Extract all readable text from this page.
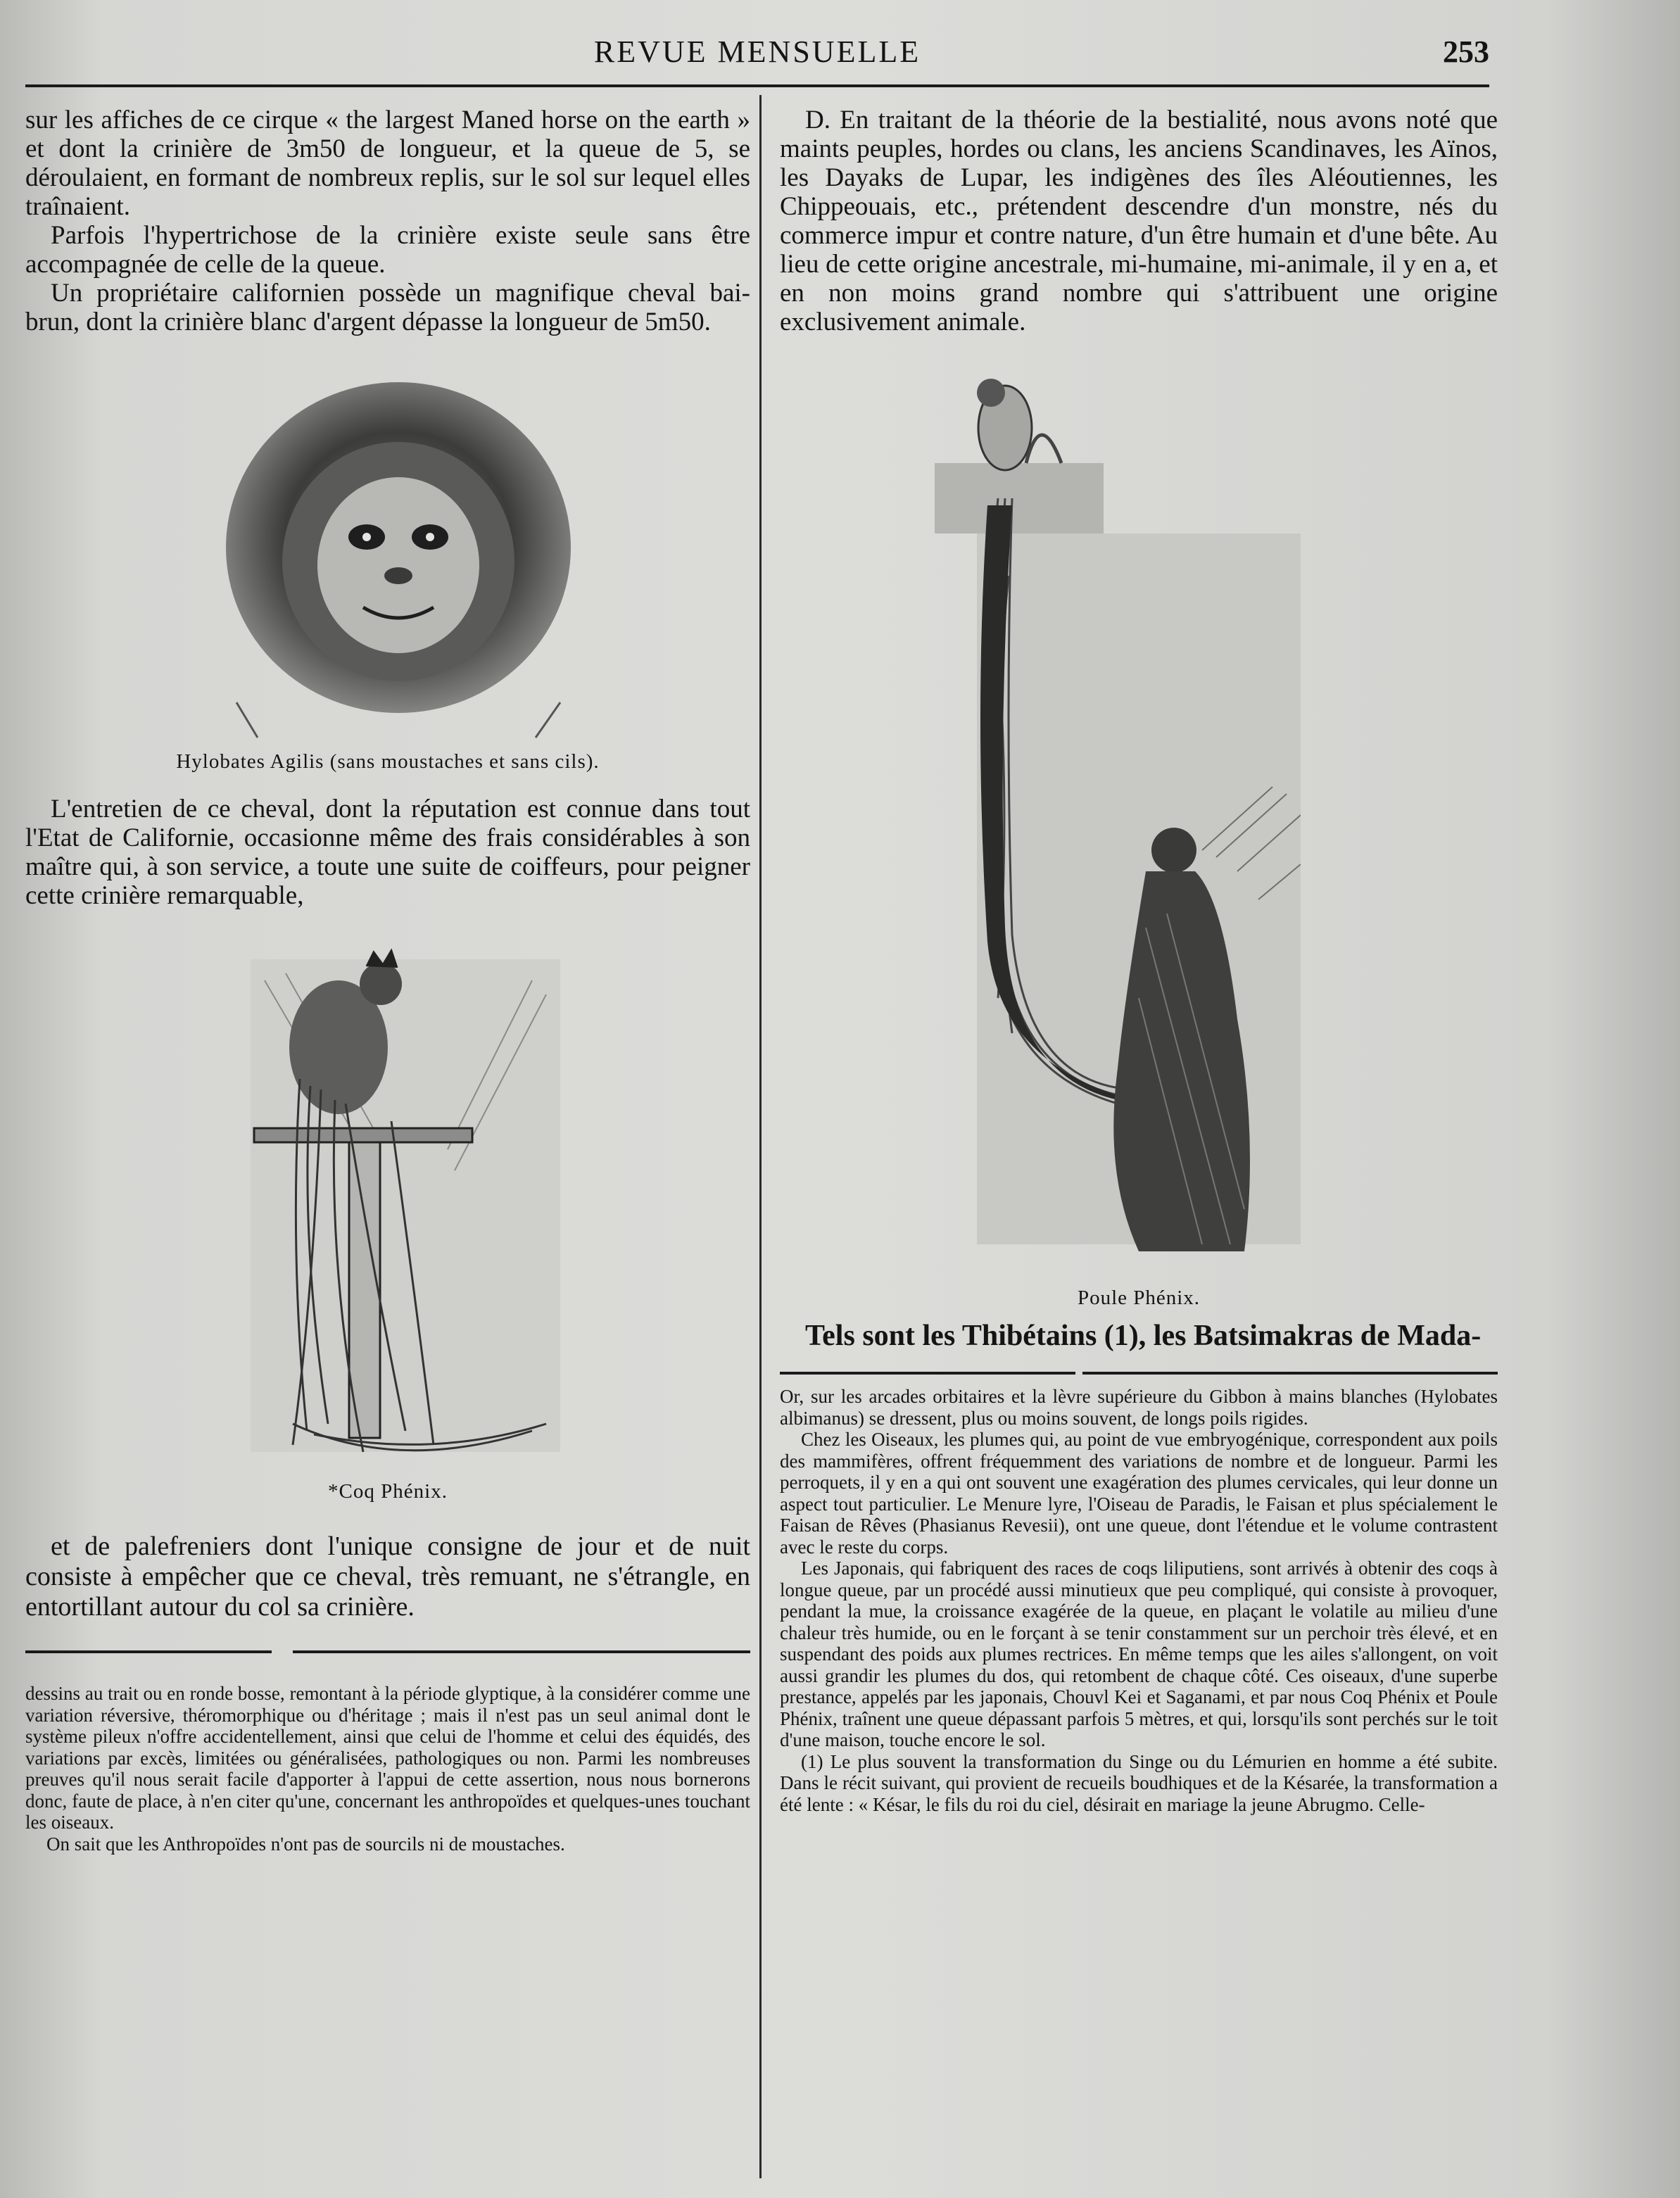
REVUE MENSUELLE	253

sur les affiches de ce cirque « the largest Maned horse on the earth » et dont la crinière de 3m50 de longueur, et la queue de 5, se déroulaient, en formant de nombreux replis, sur le sol sur lequel elles traînaient.

Parfois l'hypertrichose de la crinière existe seule sans être accompagnée de celle de la queue.

Un propriétaire californien possède un magnifique cheval bai-brun, dont la crinière blanc d'argent dépasse la longueur de 5m50.

Hylobates Agilis (sans moustaches et sans cils).

L'entretien de ce cheval, dont la réputation est connue dans tout l'Etat de Californie, occasionne même des frais considérables à son maître qui, à son service, a toute une suite de coiffeurs, pour peigner cette crinière remarquable,

*Coq Phénix.

et de palefreniers dont l'unique consigne de jour et de nuit consiste à empêcher que ce cheval, très remuant, ne s'étrangle, en entortillant autour du col sa crinière.

dessins au trait ou en ronde bosse, remontant à la période glyptique, à la considérer comme une variation réversive, théromorphique ou d'héritage ; mais il n'est pas un seul animal dont le système pileux n'offre accidentellement, ainsi que celui de l'homme et celui des équidés, des variations par excès, limitées ou généralisées, pathologiques ou non. Parmi les nombreuses preuves qu'il nous serait facile d'apporter à l'appui de cette assertion, nous nous bornerons donc, faute de place, à n'en citer qu'une, concernant les anthropoïdes et quelques-unes touchant les oiseaux.

On sait que les Anthropoïdes n'ont pas de sourcils ni de moustaches.

D. En traitant de la théorie de la bestialité, nous avons noté que maints peuples, hordes ou clans, les anciens Scandinaves, les Aïnos, les Dayaks de Lupar, les indigènes des îles Aléoutiennes, les Chippeouais, etc., prétendent descendre d'un monstre, nés du commerce impur et contre nature, d'un être humain et d'une bête. Au lieu de cette origine ancestrale, mi-humaine, mi-animale, il y en a, et en non moins grand nombre qui s'attribuent une origine exclusivement animale.

Poule Phénix.

Tels sont les Thibétains (1), les Batsimakras de Mada-

Or, sur les arcades orbitaires et la lèvre supérieure du Gibbon à mains blanches (Hylobates albimanus) se dressent, plus ou moins souvent, de longs poils rigides.

Chez les Oiseaux, les plumes qui, au point de vue embryogénique, correspondent aux poils des mammifères, offrent fréquemment des variations de nombre et de longueur. Parmi les perroquets, il y en a qui ont souvent une exagération des plumes cervicales, qui leur donne un aspect tout particulier. Le Menure lyre, l'Oiseau de Paradis, le Faisan et plus spécialement le Faisan de Rêves (Phasianus Revesii), ont une queue, dont l'étendue et le volume contrastent avec le reste du corps.

Les Japonais, qui fabriquent des races de coqs liliputiens, sont arrivés à obtenir des coqs à longue queue, par un procédé aussi minutieux que peu compliqué, qui consiste à provoquer, pendant la mue, la croissance exagérée de la queue, en plaçant le volatile au milieu d'une chaleur très humide, ou en le forçant à se tenir constamment sur un perchoir très élevé, et en suspendant des poids aux plumes rectrices. En même temps que les ailes s'allongent, on voit aussi grandir les plumes du dos, qui retombent de chaque côté. Ces oiseaux, d'une superbe prestance, appelés par les japonais, Chouvl Kei et Saganami, et par nous Coq Phénix et Poule Phénix, traînent une queue dépassant parfois 5 mètres, et qui, lorsqu'ils sont perchés sur le toit d'une maison, touche encore le sol.

(1) Le plus souvent la transformation du Singe ou du Lémurien en homme a été subite. Dans le récit suivant, qui provient de recueils boudhiques et de la Késarée, la transformation a été lente : « Késar, le fils du roi du ciel, désirait en mariage la jeune Abrugmo. Celle-
